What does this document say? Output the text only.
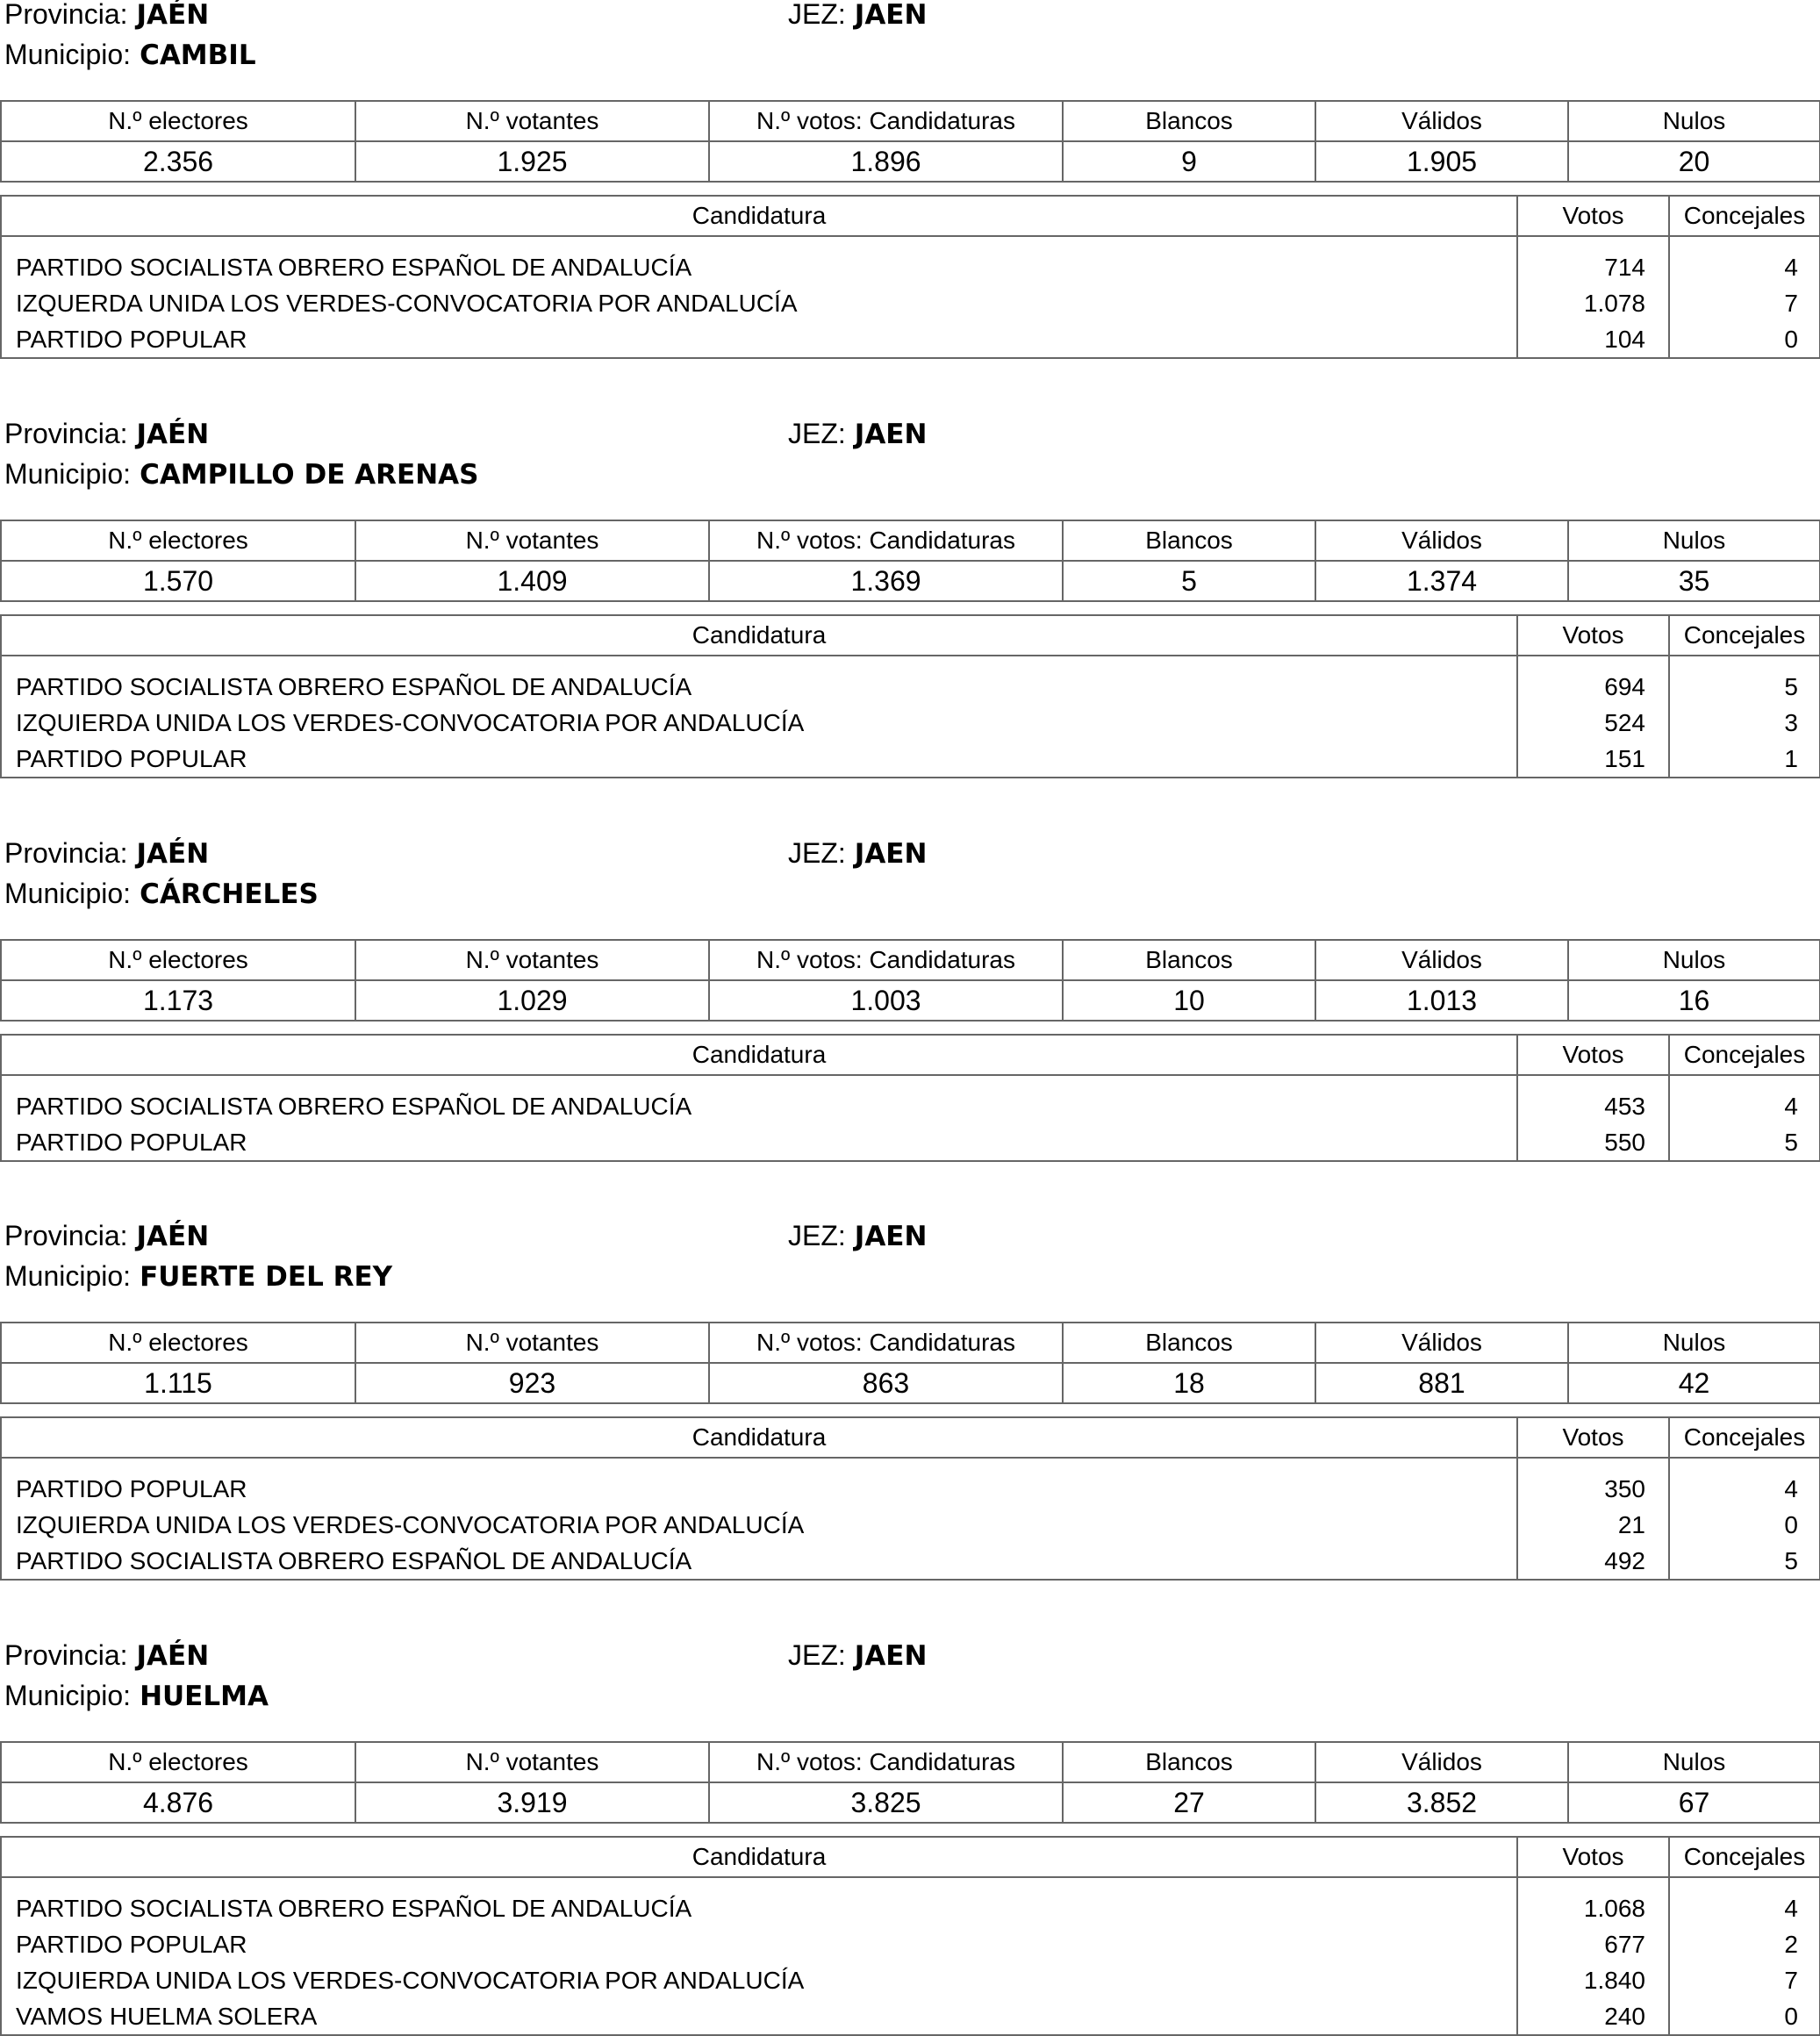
Provincia: JAÉN	JEZ: JAEN
Municipio: CAMBIL
N.º electores	N.º votantes	N.º votos: Candidaturas	Blancos	Válidos	Nulos
2.356	1.925	1.896	9	1.905	20
Candidatura	Votos	Concejales
PARTIDO SOCIALISTA OBRERO ESPAÑOL DE ANDALUCÍA	714	4
IZQUERDA UNIDA LOS VERDES-CONVOCATORIA POR ANDALUCÍA	1.078	7
PARTIDO POPULAR	104	0
Provincia: JAÉN	JEZ: JAEN
Municipio: CAMPILLO DE ARENAS
N.º electores	N.º votantes	N.º votos: Candidaturas	Blancos	Válidos	Nulos
1.570	1.409	1.369	5	1.374	35
Candidatura	Votos	Concejales
PARTIDO SOCIALISTA OBRERO ESPAÑOL DE ANDALUCÍA	694	5
IZQUIERDA UNIDA LOS VERDES-CONVOCATORIA POR ANDALUCÍA	524	3
PARTIDO POPULAR	151	1
Provincia: JAÉN	JEZ: JAEN
Municipio: CÁRCHELES
N.º electores	N.º votantes	N.º votos: Candidaturas	Blancos	Válidos	Nulos
1.173	1.029	1.003	10	1.013	16
Candidatura	Votos	Concejales
PARTIDO SOCIALISTA OBRERO ESPAÑOL DE ANDALUCÍA	453	4
PARTIDO POPULAR	550	5
Provincia: JAÉN	JEZ: JAEN
Municipio: FUERTE DEL REY
N.º electores	N.º votantes	N.º votos: Candidaturas	Blancos	Válidos	Nulos
1.115	923	863	18	881	42
Candidatura	Votos	Concejales
PARTIDO POPULAR	350	4
IZQUIERDA UNIDA LOS VERDES-CONVOCATORIA POR ANDALUCÍA	21	0
PARTIDO SOCIALISTA OBRERO ESPAÑOL DE ANDALUCÍA	492	5
Provincia: JAÉN	JEZ: JAEN
Municipio: HUELMA
N.º electores	N.º votantes	N.º votos: Candidaturas	Blancos	Válidos	Nulos
4.876	3.919	3.825	27	3.852	67
Candidatura	Votos	Concejales
PARTIDO SOCIALISTA OBRERO ESPAÑOL DE ANDALUCÍA	1.068	4
PARTIDO POPULAR	677	2
IZQUIERDA UNIDA LOS VERDES-CONVOCATORIA POR ANDALUCÍA	1.840	7
VAMOS HUELMA SOLERA	240	0
